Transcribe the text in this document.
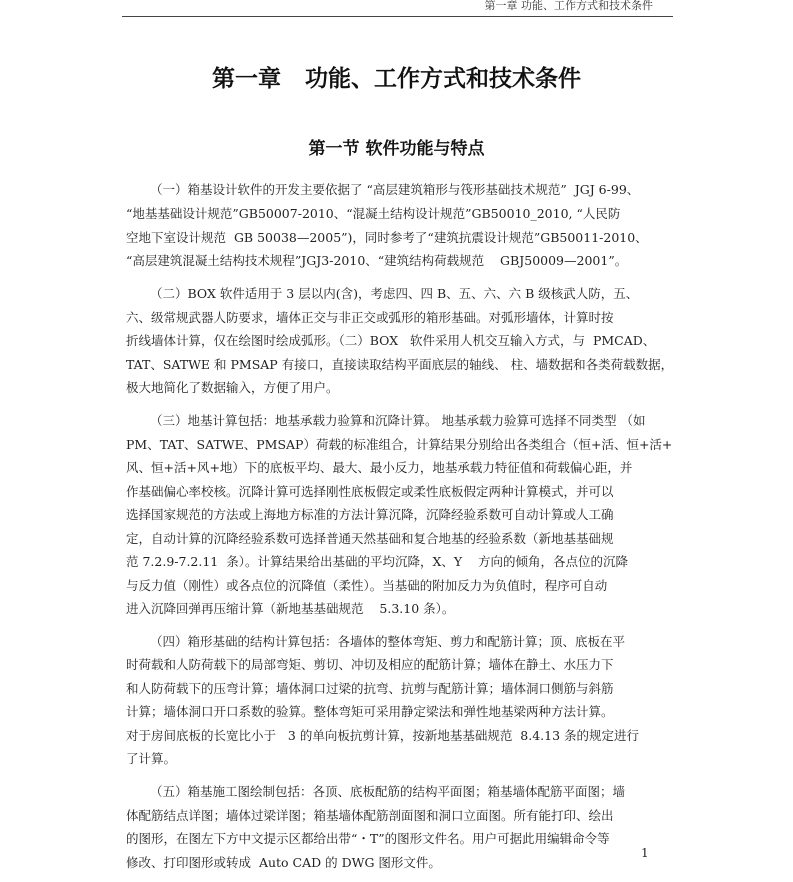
第一章 功能、工作方式和技术条件
第一章   功能、工作方式和技术条件
第一节 软件功能与特点
（一）箱基设计软件的开发主要依据了 “高层建筑箱形与筏形基础技术规范”  JGJ 6-99、
“地基基础设计规范”GB50007-2010、“混凝土结构设计规范”GB50010_2010, “人民防
空地下室设计规范  GB 50038—2005”)，同时参考了“建筑抗震设计规范”GB50011-2010、
“高层建筑混凝土结构技术规程”JGJ3-2010、“建筑结构荷载规范    GBJ50009—2001”。
（二）BOX 软件适用于 3 层以内(含)，考虑四、四 B、五、六、六 B 级核武人防，五、
六、级常规武器人防要求，墙体正交与非正交或弧形的箱形基础。对弧形墙体，计算时按
折线墙体计算，仅在绘图时绘成弧形。（二）BOX   软件采用人机交互输入方式，与  PMCAD、
TAT、SATWE 和 PMSAP 有接口，直接读取结构平面底层的轴线、 柱、墙数据和各类荷载数据，
极大地简化了数据输入，方便了用户。
（三）地基计算包括：地基承载力验算和沉降计算。 地基承载力验算可选择不同类型 （如
PM、TAT、SATWE、PMSAP）荷载的标准组合，计算结果分别给出各类组合（恒+活、恒+活+
风、恒+活+风+地）下的底板平均、最大、最小反力，地基承载力特征值和荷载偏心距，并
作基础偏心率校核。沉降计算可选择刚性底板假定或柔性底板假定两种计算模式，并可以
选择国家规范的方法或上海地方标准的方法计算沉降，沉降经验系数可自动计算或人工确
定，自动计算的沉降经验系数可选择普通天然基础和复合地基的经验系数（新地基基础规
范 7.2.9-7.2.11  条）。计算结果给出基础的平均沉降，X、Y    方向的倾角，各点位的沉降
与反力值（刚性）或各点位的沉降值（柔性）。当基础的附加反力为负值时，程序可自动
进入沉降回弹再压缩计算（新地基基础规范    5.3.10 条）。
（四）箱形基础的结构计算包括：各墙体的整体弯矩、剪力和配筋计算；顶、底板在平
时荷载和人防荷载下的局部弯矩、剪切、冲切及相应的配筋计算；墙体在静土、水压力下
和人防荷载下的压弯计算；墙体洞口过梁的抗弯、抗剪与配筋计算；墙体洞口侧筋与斜筋
计算；墙体洞口开口系数的验算。整体弯矩可采用静定梁法和弹性地基梁两种方法计算。
对于房间底板的长宽比小于   3 的单向板抗剪计算，按新地基基础规范  8.4.13 条的规定进行
了计算。
（五）箱基施工图绘制包括：各顶、底板配筋的结构平面图；箱基墙体配筋平面图；墙
体配筋结点详图；墙体过梁详图；箱基墙体配筋剖面图和洞口立面图。所有能打印、绘出
的图形，在图左下方中文提示区都给出带“・T”的图形文件名。用户可据此用编辑命令等
修改、打印图形或转成  Auto CAD 的 DWG 图形文件。
1
